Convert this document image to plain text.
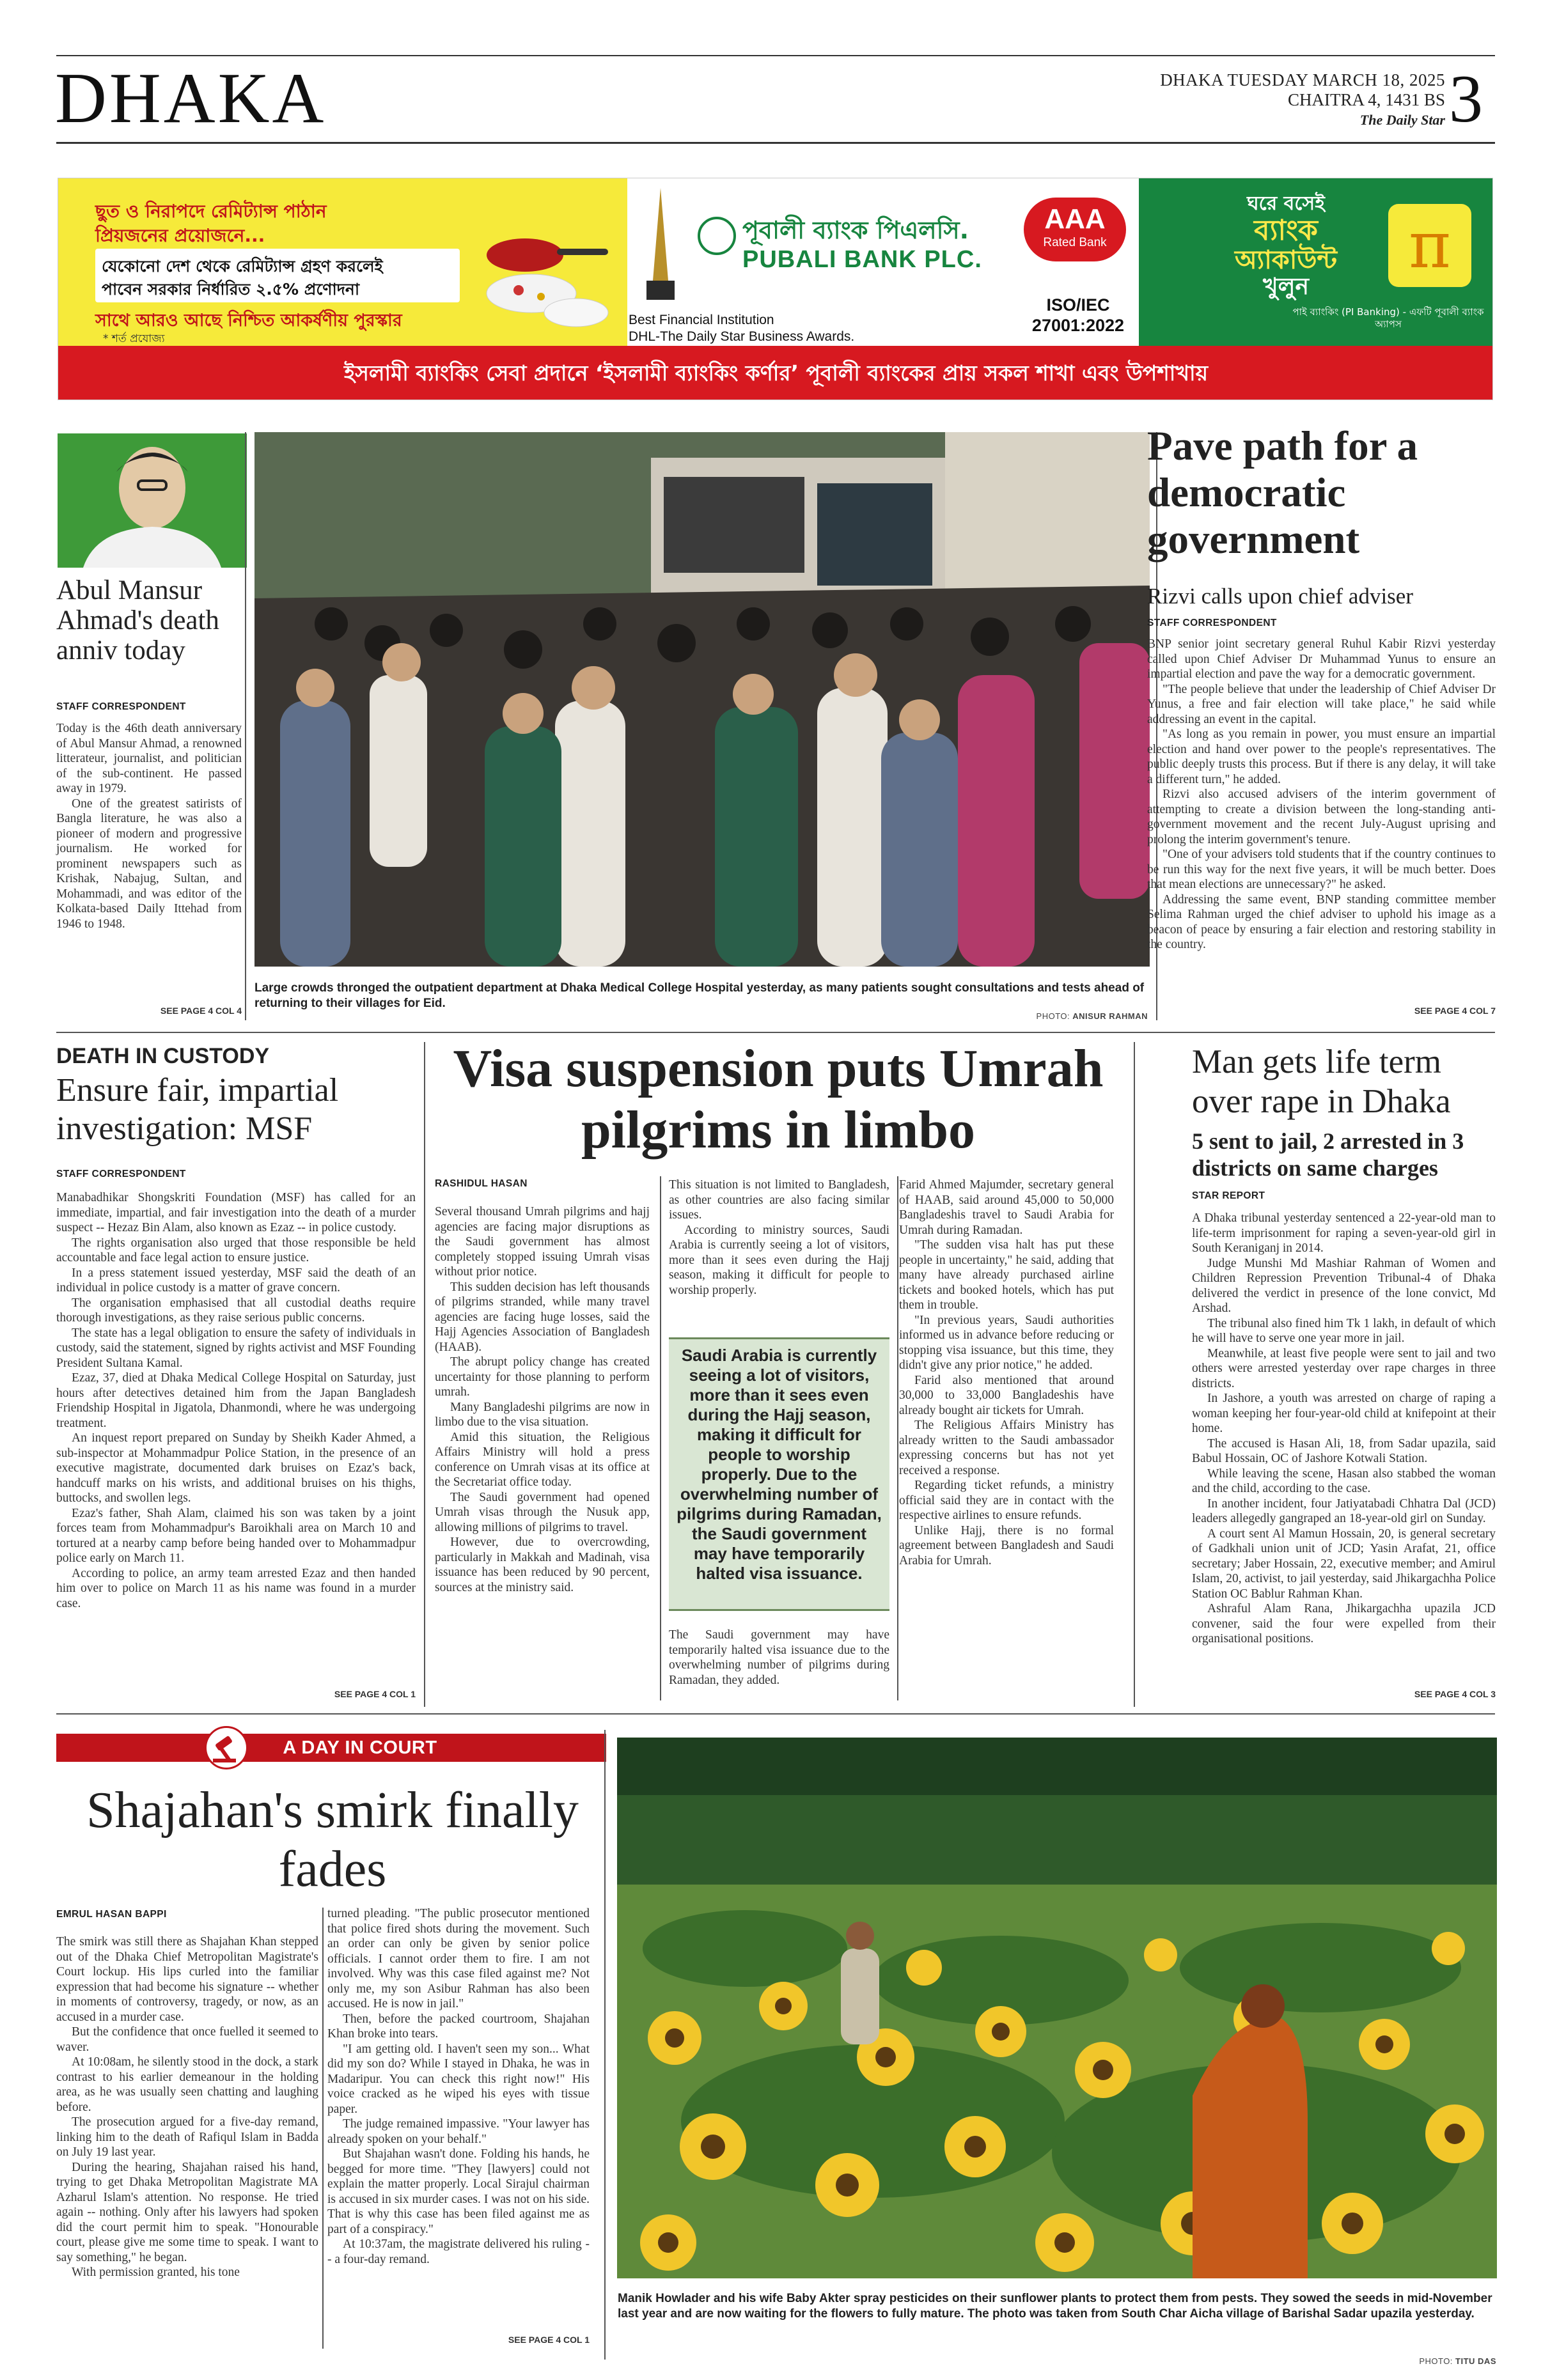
DHAKA	DHAKA TUESDAY MARCH 18, 2025
CHAITRA 4, 1431 BS
The Daily Star 3
ছুত ও নিরাপদে রেমিট্যান্স পাঠান
প্রিয়জনের প্রয়োজনে...
যেকোনো দেশ থেকে রেমিট্যান্স গ্রহণ করলেই
পাবেন সরকার নির্ধারিত ২.৫% প্রণোদনা
সাথে আরও আছে নিশ্চিত আকর্ষণীয় পুরস্কার
* শর্ত প্রযোজ্য
পূবালী ব্যাংক পিএলসি.
PUBALI BANK PLC.
Best Financial Institution
DHL-The Daily Star Business Awards.
AAA
Rated Bank
ISO/IEC
27001:2022
ঘরে বসেই
ব্যাংক
অ্যাকাউন্ট
খুলুন
π
পাই ব্যাংকিং (PI Banking) - এফটি পূবালী ব্যাংক অ্যাপস
ইসলামী ব্যাংকিং সেবা প্রদানে ‘ইসলামী ব্যাংকিং কর্ণার’ পূবালী ব্যাংকের প্রায় সকল শাখা এবং উপশাখায়
Abul Mansur Ahmad's death anniv today
STAFF CORRESPONDENT

Today is the 46th death anniversary of Abul Mansur Ahmad, a renowned litterateur, journalist, and politician of the sub-continent. He passed away in 1979.

One of the greatest satirists of Bangla literature, he was also a pioneer of modern and progressive journalism. He worked for prominent newspapers such as Krishak, Nabajug, Sultan, and Mohammadi, and was editor of the Kolkata-based Daily Ittehad from 1946 to 1948.

SEE PAGE 4 COL 4
Large crowds thronged the outpatient department at Dhaka Medical College Hospital yesterday, as many patients sought consultations and tests ahead of returning to their villages for Eid.
PHOTO: ANISUR RAHMAN
Pave path for a democratic government
Rizvi calls upon chief adviser
STAFF CORRESPONDENT

BNP senior joint secretary general Ruhul Kabir Rizvi yesterday called upon Chief Adviser Dr Muhammad Yunus to ensure an impartial election and pave the way for a democratic government.

"The people believe that under the leadership of Chief Adviser Dr Yunus, a free and fair election will take place," he said while addressing an event in the capital.

"As long as you remain in power, you must ensure an impartial election and hand over power to the people's representatives. The public deeply trusts this process. But if there is any delay, it will take a different turn," he added.

Rizvi also accused advisers of the interim government of attempting to create a division between the long-standing anti-government movement and the recent July-August uprising and prolong the interim government's tenure.

"One of your advisers told students that if the country continues to be run this way for the next five years, it will be much better. Does that mean elections are unnecessary?" he asked.

Addressing the same event, BNP standing committee member Selima Rahman urged the chief adviser to uphold his image as a beacon of peace by ensuring a fair election and restoring stability in the country.

SEE PAGE 4 COL 7
DEATH IN CUSTODY
Ensure fair, impartial investigation: MSF
STAFF CORRESPONDENT

Manabadhikar Shongskriti Foundation (MSF) has called for an immediate, impartial, and fair investigation into the death of a murder suspect -- Hezaz Bin Alam, also known as Ezaz -- in police custody.

The rights organisation also urged that those responsible be held accountable and face legal action to ensure justice.

In a press statement issued yesterday, MSF said the death of an individual in police custody is a matter of grave concern.

The organisation emphasised that all custodial deaths require thorough investigations, as they raise serious public concerns.

The state has a legal obligation to ensure the safety of individuals in custody, said the statement, signed by rights activist and MSF Founding President Sultana Kamal.

Ezaz, 37, died at Dhaka Medical College Hospital on Saturday, just hours after detectives detained him from the Japan Bangladesh Friendship Hospital in Jigatola, Dhanmondi, where he was undergoing treatment.

An inquest report prepared on Sunday by Sheikh Kader Ahmed, a sub-inspector at Mohammadpur Police Station, in the presence of an executive magistrate, documented dark bruises on Ezaz's back, handcuff marks on his wrists, and additional bruises on his thighs, buttocks, and swollen legs.

Ezaz's father, Shah Alam, claimed his son was taken by a joint forces team from Mohammadpur's Baroikhali area on March 10 and tortured at a nearby camp before being handed over to Mohammadpur police early on March 11.

According to police, an army team arrested Ezaz and then handed him over to police on March 11 as his name was found in a murder case.

SEE PAGE 4 COL 1
Visa suspension puts Umrah pilgrims in limbo
RASHIDUL HASAN

Several thousand Umrah pilgrims and hajj agencies are facing major disruptions as the Saudi government has almost completely stopped issuing Umrah visas without prior notice.

This sudden decision has left thousands of pilgrims stranded, while many travel agencies are facing huge losses, said the Hajj Agencies Association of Bangladesh (HAAB).

The abrupt policy change has created uncertainty for those planning to perform umrah.

Many Bangladeshi pilgrims are now in limbo due to the visa situation.

Amid this situation, the Religious Affairs Ministry will hold a press conference on Umrah visas at its office at the Secretariat office today.

The Saudi government had opened Umrah visas through the Nusuk app, allowing millions of pilgrims to travel.

However, due to overcrowding, particularly in Makkah and Madinah, visa issuance has been reduced by 90 percent, sources at the ministry said.

This situation is not limited to Bangladesh, as other countries are also facing similar issues.

According to ministry sources, Saudi Arabia is currently seeing a lot of visitors, more than it sees even during the Hajj season, making it difficult for people to worship properly.

Saudi Arabia is currently seeing a lot of visitors, more than it sees even during the Hajj season, making it difficult for people to worship properly. Due to the overwhelming number of pilgrims during Ramadan, the Saudi government may have temporarily halted visa issuance.

The Saudi government may have temporarily halted visa issuance due to the overwhelming number of pilgrims during Ramadan, they added.

Farid Ahmed Majumder, secretary general of HAAB, said around 45,000 to 50,000 Bangladeshis travel to Saudi Arabia for Umrah during Ramadan.

"The sudden visa halt has put these people in uncertainty," he said, adding that many have already purchased airline tickets and booked hotels, which has put them in trouble.

"In previous years, Saudi authorities informed us in advance before reducing or stopping visa issuance, but this time, they didn't give any prior notice," he added.

Farid also mentioned that around 30,000 to 33,000 Bangladeshis have already bought air tickets for Umrah.

The Religious Affairs Ministry has already written to the Saudi ambassador expressing concerns but has not yet received a response.

Regarding ticket refunds, a ministry official said they are in contact with the respective airlines to ensure refunds.

Unlike Hajj, there is no formal agreement between Bangladesh and Saudi Arabia for Umrah.

Man gets life term over rape in Dhaka
5 sent to jail, 2 arrested in 3 districts on same charges
STAR REPORT

A Dhaka tribunal yesterday sentenced a 22-year-old man to life-term imprisonment for raping a seven-year-old girl in South Keraniganj in 2014.

Judge Munshi Md Mashiar Rahman of Women and Children Repression Prevention Tribunal-4 of Dhaka delivered the verdict in presence of the lone convict, Md Arshad.

The tribunal also fined him Tk 1 lakh, in default of which he will have to serve one year more in jail.

Meanwhile, at least five people were sent to jail and two others were arrested yesterday over rape charges in three districts.

In Jashore, a youth was arrested on charge of raping a woman keeping her four-year-old child at knifepoint at their home.

The accused is Hasan Ali, 18, from Sadar upazila, said Babul Hossain, OC of Jashore Kotwali Station.

While leaving the scene, Hasan also stabbed the woman and the child, according to the case.

In another incident, four Jatiyatabadi Chhatra Dal (JCD) leaders allegedly gangraped an 18-year-old girl on Sunday.

A court sent Al Mamun Hossain, 20, is general secretary of Gadkhali union unit of JCD; Yasin Arafat, 21, office secretary; Jaber Hossain, 22, executive member; and Amirul Islam, 20, activist, to jail yesterday, said Jhikargachha Police Station OC Bablur Rahman Khan.

Ashraful Alam Rana, Jhikargachha upazila JCD convener, said the four were expelled from their organisational positions.

SEE PAGE 4 COL 3
A DAY IN COURT
Shajahan's smirk finally fades
EMRUL HASAN BAPPI

The smirk was still there as Shajahan Khan stepped out of the Dhaka Chief Metropolitan Magistrate's Court lockup. His lips curled into the familiar expression that had become his signature -- whether in moments of controversy, tragedy, or now, as an accused in a murder case.

But the confidence that once fuelled it seemed to waver.

At 10:08am, he silently stood in the dock, a stark contrast to his earlier demeanour in the holding area, as he was usually seen chatting and laughing before.

The prosecution argued for a five-day remand, linking him to the death of Rafiqul Islam in Badda on July 19 last year.

During the hearing, Shajahan raised his hand, trying to get Dhaka Metropolitan Magistrate MA Azharul Islam's attention. No response. He tried again -- nothing. Only after his lawyers had spoken did the court permit him to speak. "Honourable court, please give me some time to speak. I want to say something," he began.

With permission granted, his tone

turned pleading. "The public prosecutor mentioned that police fired shots during the movement. Such an order can only be given by senior police officials. I cannot order them to fire. I am not involved. Why was this case filed against me? Not only me, my son Asibur Rahman has also been accused. He is now in jail."

Then, before the packed courtroom, Shajahan Khan broke into tears.

"I am getting old. I haven't seen my son... What did my son do? While I stayed in Dhaka, he was in Madaripur. You can check this right now!" His voice cracked as he wiped his eyes with tissue paper.

The judge remained impassive. "Your lawyer has already spoken on your behalf."

But Shajahan wasn't done. Folding his hands, he begged for more time. "They [lawyers] could not explain the matter properly. Local Sirajul chairman is accused in six murder cases. I was not on his side. That is why this case has been filed against me as part of a conspiracy."

At 10:37am, the magistrate delivered his ruling -- a four-day remand.

SEE PAGE 4 COL 1
Manik Howlader and his wife Baby Akter spray pesticides on their sunflower plants to protect them from pests. They sowed the seeds in mid-November last year and are now waiting for the flowers to fully mature. The photo was taken from South Char Aicha village of Barishal Sadar upazila yesterday.
PHOTO: TITU DAS
